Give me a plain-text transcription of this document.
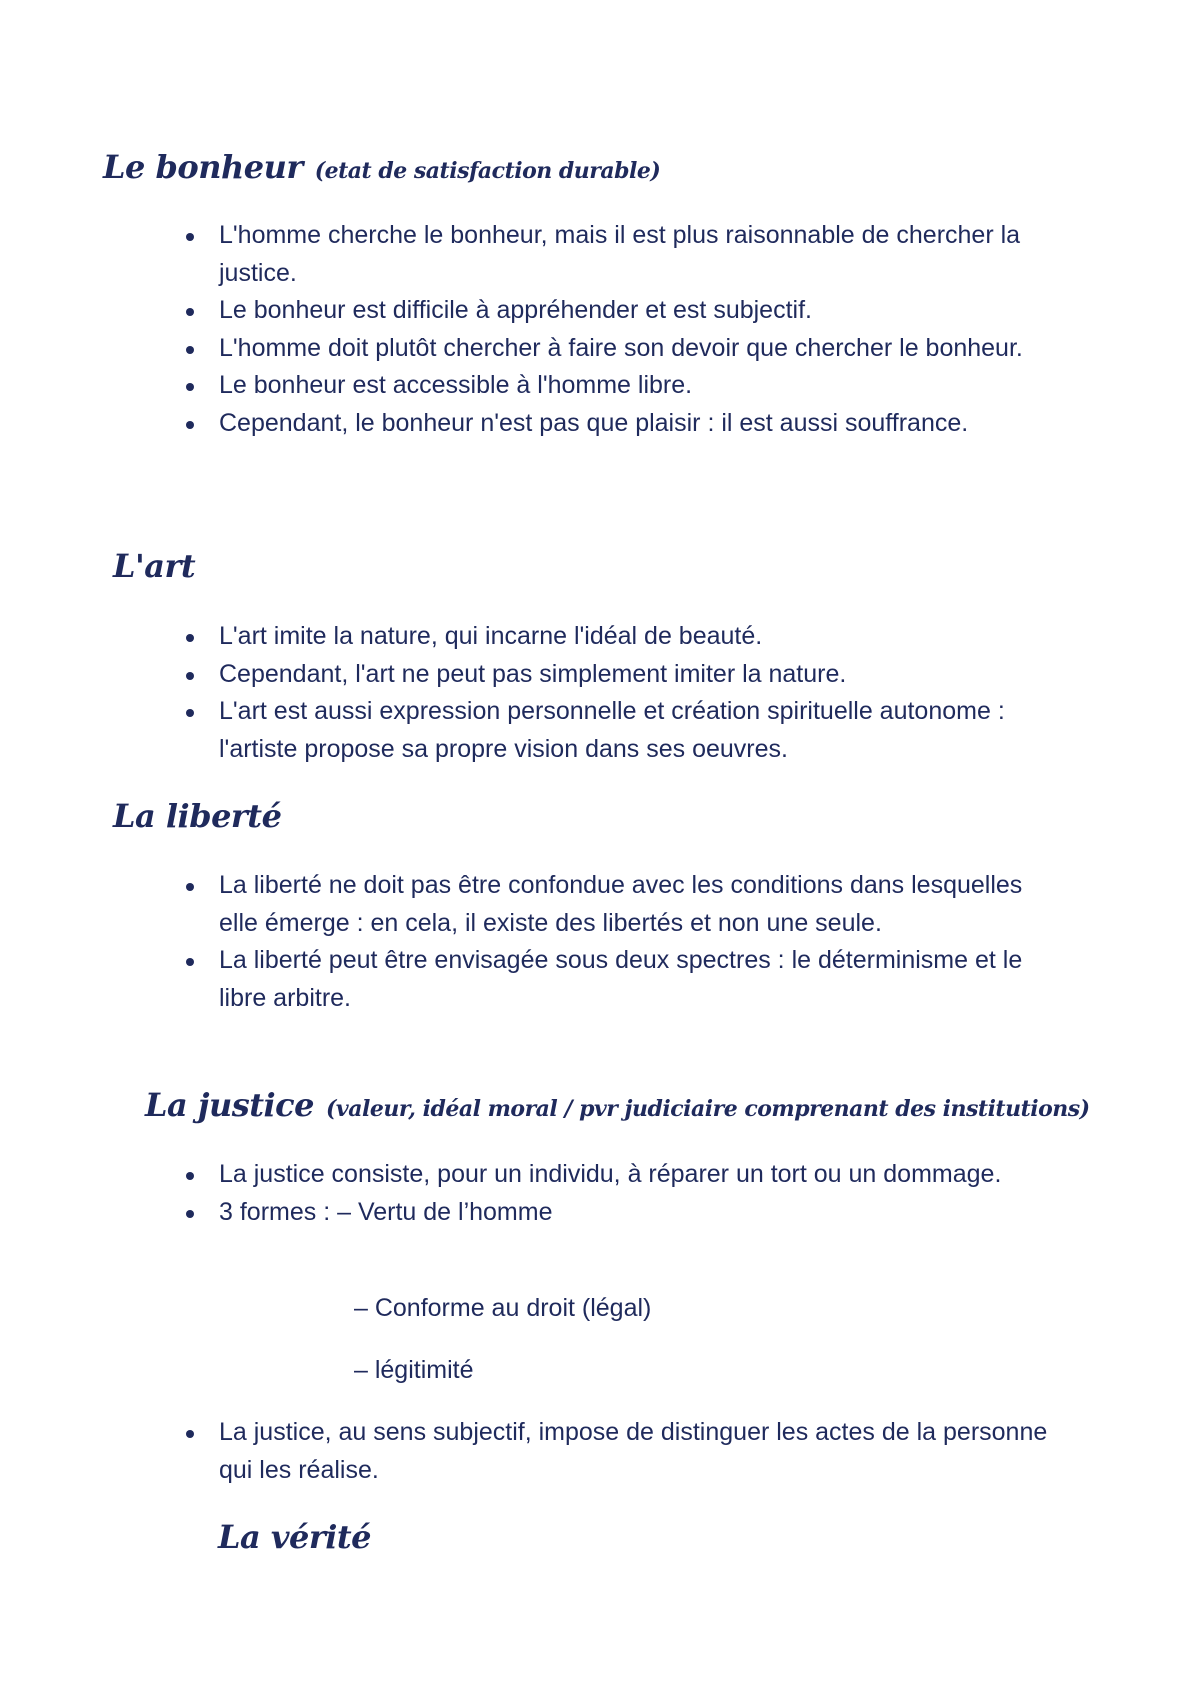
Le bonheur (etat de satisfaction durable)
L'homme cherche le bonheur, mais il est plus raisonnable de chercher la justice.
Le bonheur est difficile à appréhender et est subjectif.
L'homme doit plutôt chercher à faire son devoir que chercher le bonheur.
Le bonheur est accessible à l'homme libre.
Cependant, le bonheur n'est pas que plaisir : il est aussi souffrance.
L'art
L'art imite la nature, qui incarne l'idéal de beauté.
Cependant, l'art ne peut pas simplement imiter la nature.
L'art est aussi expression personnelle et création spirituelle autonome : l'artiste propose sa propre vision dans ses oeuvres.
La liberté
La liberté ne doit pas être confondue avec les conditions dans lesquelles elle émerge : en cela, il existe des libertés et non une seule.
La liberté peut être envisagée sous deux spectres : le déterminisme et le libre arbitre.
La justice (valeur, idéal moral / pvr judiciaire comprenant des institutions)
La justice consiste, pour un individu, à réparer un tort ou un dommage.
3 formes : – Vertu de l’homme
– Conforme au droit (légal)
– légitimité
La justice, au sens subjectif, impose de distinguer les actes de la personne qui les réalise.
La vérité
